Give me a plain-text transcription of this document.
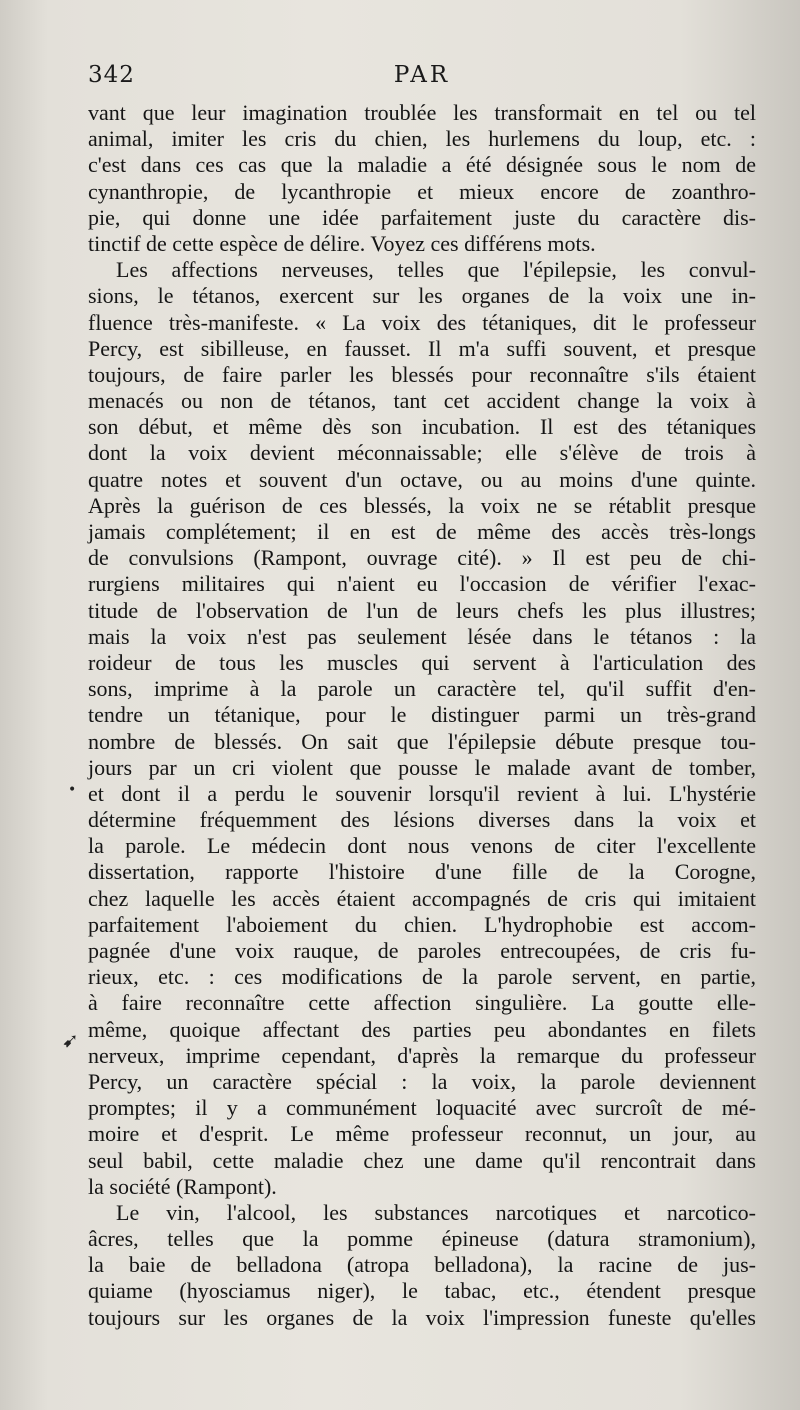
342	PAR
vant que leur imagination troublée les transformait en tel ou tel
animal, imiter les cris du chien, les hurlemens du loup, etc. :
c'est dans ces cas que la maladie a été désignée sous le nom de
cynanthropie, de lycanthropie et mieux encore de zoanthro-
pie, qui donne une idée parfaitement juste du caractère dis-
tinctif de cette espèce de délire. Voyez ces différens mots.
Les affections nerveuses, telles que l'épilepsie, les convul-
sions, le tétanos, exercent sur les organes de la voix une in-
fluence très-manifeste. « La voix des tétaniques, dit le professeur
Percy, est sibilleuse, en fausset. Il m'a suffi souvent, et presque
toujours, de faire parler les blessés pour reconnaître s'ils étaient
menacés ou non de tétanos, tant cet accident change la voix à
son début, et même dès son incubation. Il est des tétaniques
dont la voix devient méconnaissable; elle s'élève de trois à
quatre notes et souvent d'un octave, ou au moins d'une quinte.
Après la guérison de ces blessés, la voix ne se rétablit presque
jamais complétement; il en est de même des accès très-longs
de convulsions (Rampont, ouvrage cité). » Il est peu de chi-
rurgiens militaires qui n'aient eu l'occasion de vérifier l'exac-
titude de l'observation de l'un de leurs chefs les plus illustres;
mais la voix n'est pas seulement lésée dans le tétanos : la
roideur de tous les muscles qui servent à l'articulation des
sons, imprime à la parole un caractère tel, qu'il suffit d'en-
tendre un tétanique, pour le distinguer parmi un très-grand
nombre de blessés. On sait que l'épilepsie débute presque tou-
jours par un cri violent que pousse le malade avant de tomber,
et dont il a perdu le souvenir lorsqu'il revient à lui. L'hystérie
détermine fréquemment des lésions diverses dans la voix et
la parole. Le médecin dont nous venons de citer l'excellente
dissertation, rapporte l'histoire d'une fille de la Corogne,
chez laquelle les accès étaient accompagnés de cris qui imitaient
parfaitement l'aboiement du chien. L'hydrophobie est accom-
pagnée d'une voix rauque, de paroles entrecoupées, de cris fu-
rieux, etc. : ces modifications de la parole servent, en partie,
à faire reconnaître cette affection singulière. La goutte elle-
même, quoique affectant des parties peu abondantes en filets
nerveux, imprime cependant, d'après la remarque du professeur
Percy, un caractère spécial : la voix, la parole deviennent
promptes; il y a communément loquacité avec surcroît de mé-
moire et d'esprit. Le même professeur reconnut, un jour, au
seul babil, cette maladie chez une dame qu'il rencontrait dans
la société (Rampont).
Le vin, l'alcool, les substances narcotiques et narcotico-
âcres, telles que la pomme épineuse (datura stramonium),
la baie de belladona (atropa belladona), la racine de jus-
quiame (hyosciamus niger), le tabac, etc., étendent presque
toujours sur les organes de la voix l'impression funeste qu'elles
➹
•
